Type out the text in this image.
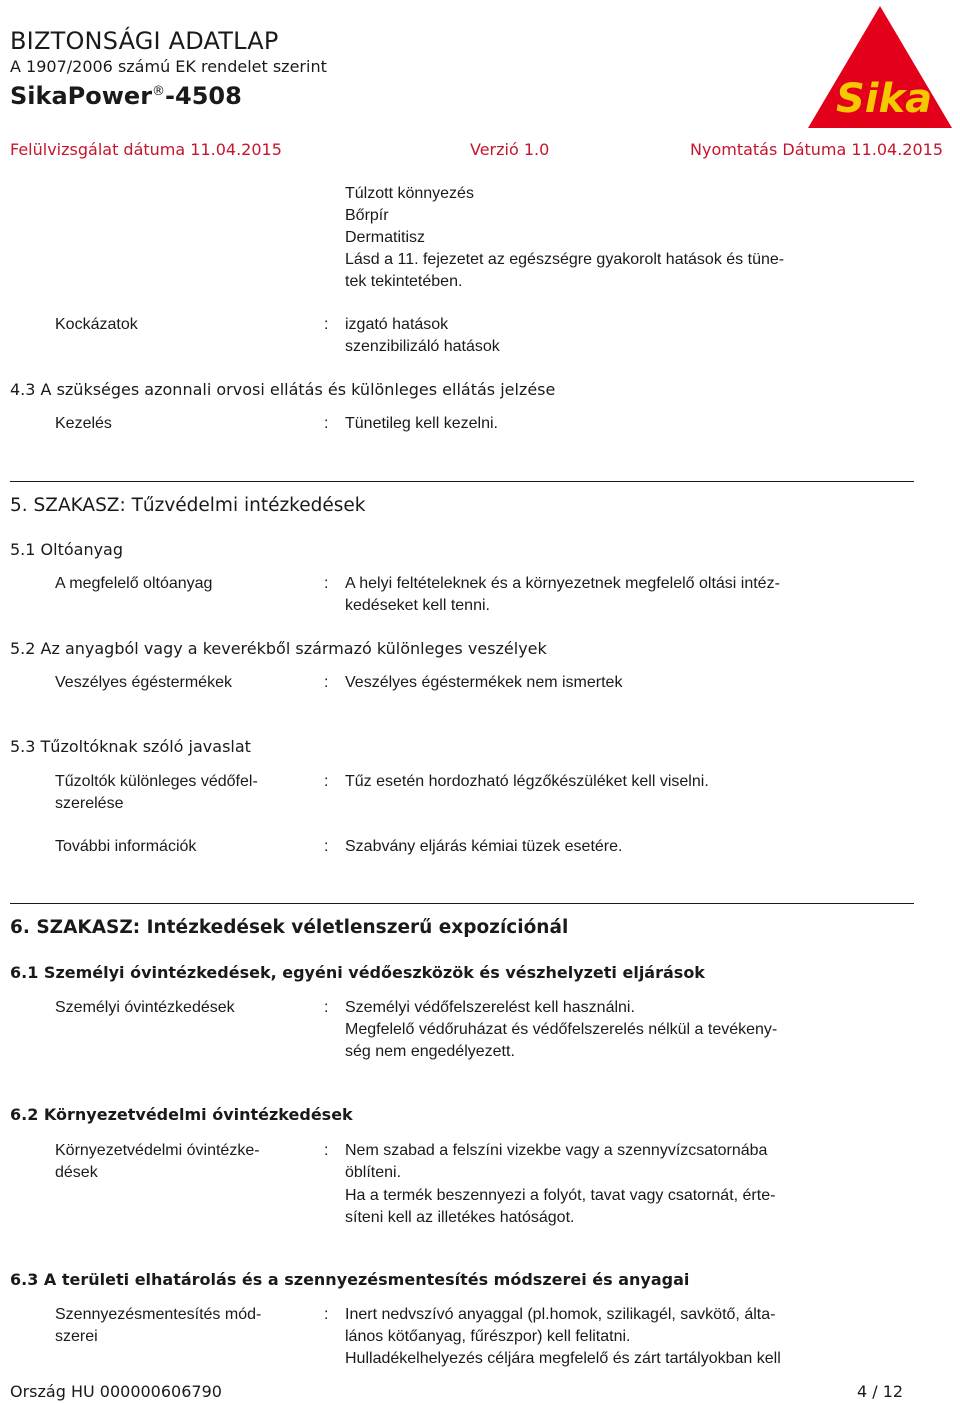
BIZTONSÁGI ADATLAP
A 1907/2006 számú EK rendelet szerint
SikaPower®-4508	Sika ®
Felülvizsgálat dátuma 11.04.2015	Verzió 1.0	Nyomtatás Dátuma 11.04.2015
Túlzott könnyezés
Bőrpír
Dermatitisz
Lásd a 11. fejezetet az egészségre gyakorolt hatások és tüne-
tek tekintetében.
Kockázatok	: izgató hatások
szenzibilizáló hatások
4.3 A szükséges azonnali orvosi ellátás és különleges ellátás jelzése
Kezelés	: Tünetileg kell kezelni.
5. SZAKASZ: Tűzvédelmi intézkedések
5.1 Oltóanyag
A megfelelő oltóanyag	: A helyi feltételeknek és a környezetnek megfelelő oltási intéz-
kedéseket kell tenni.
5.2 Az anyagból vagy a keverékből származó különleges veszélyek
Veszélyes égéstermékek	: Veszélyes égéstermékek nem ismertek
5.3 Tűzoltóknak szóló javaslat
Tűzoltók különleges védőfel-
szerelése
: Tűz esetén hordozható légzőkészüléket kell viselni.
További információk	: Szabvány eljárás kémiai tüzek esetére.
6. SZAKASZ: Intézkedések véletlenszerű expozíciónál
6.1 Személyi óvintézkedések, egyéni védőeszközök és vészhelyzeti eljárások
Személyi óvintézkedések	: Személyi védőfelszerelést kell használni.
Megfelelő védőruházat és védőfelszerelés nélkül a tevékeny-
ség nem engedélyezett.
6.2 Környezetvédelmi óvintézkedések
Környezetvédelmi óvintézke-
dések
: Nem szabad a felszíni vizekbe vagy a szennyvízcsatornába
öblíteni.
Ha a termék beszennyezi a folyót, tavat vagy csatornát, érte-
síteni kell az illetékes hatóságot.
6.3 A területi elhatárolás és a szennyezésmentesítés módszerei és anyagai
Szennyezésmentesítés mód-
szerei
: Inert nedvszívó anyaggal (pl.homok, szilikagél, savkötő, álta-
lános kötőanyag, fűrészpor) kell felitatni.
Hulladékelhelyezés céljára megfelelő és zárt tartályokban kell
Ország HU 000000606790	4 / 12
